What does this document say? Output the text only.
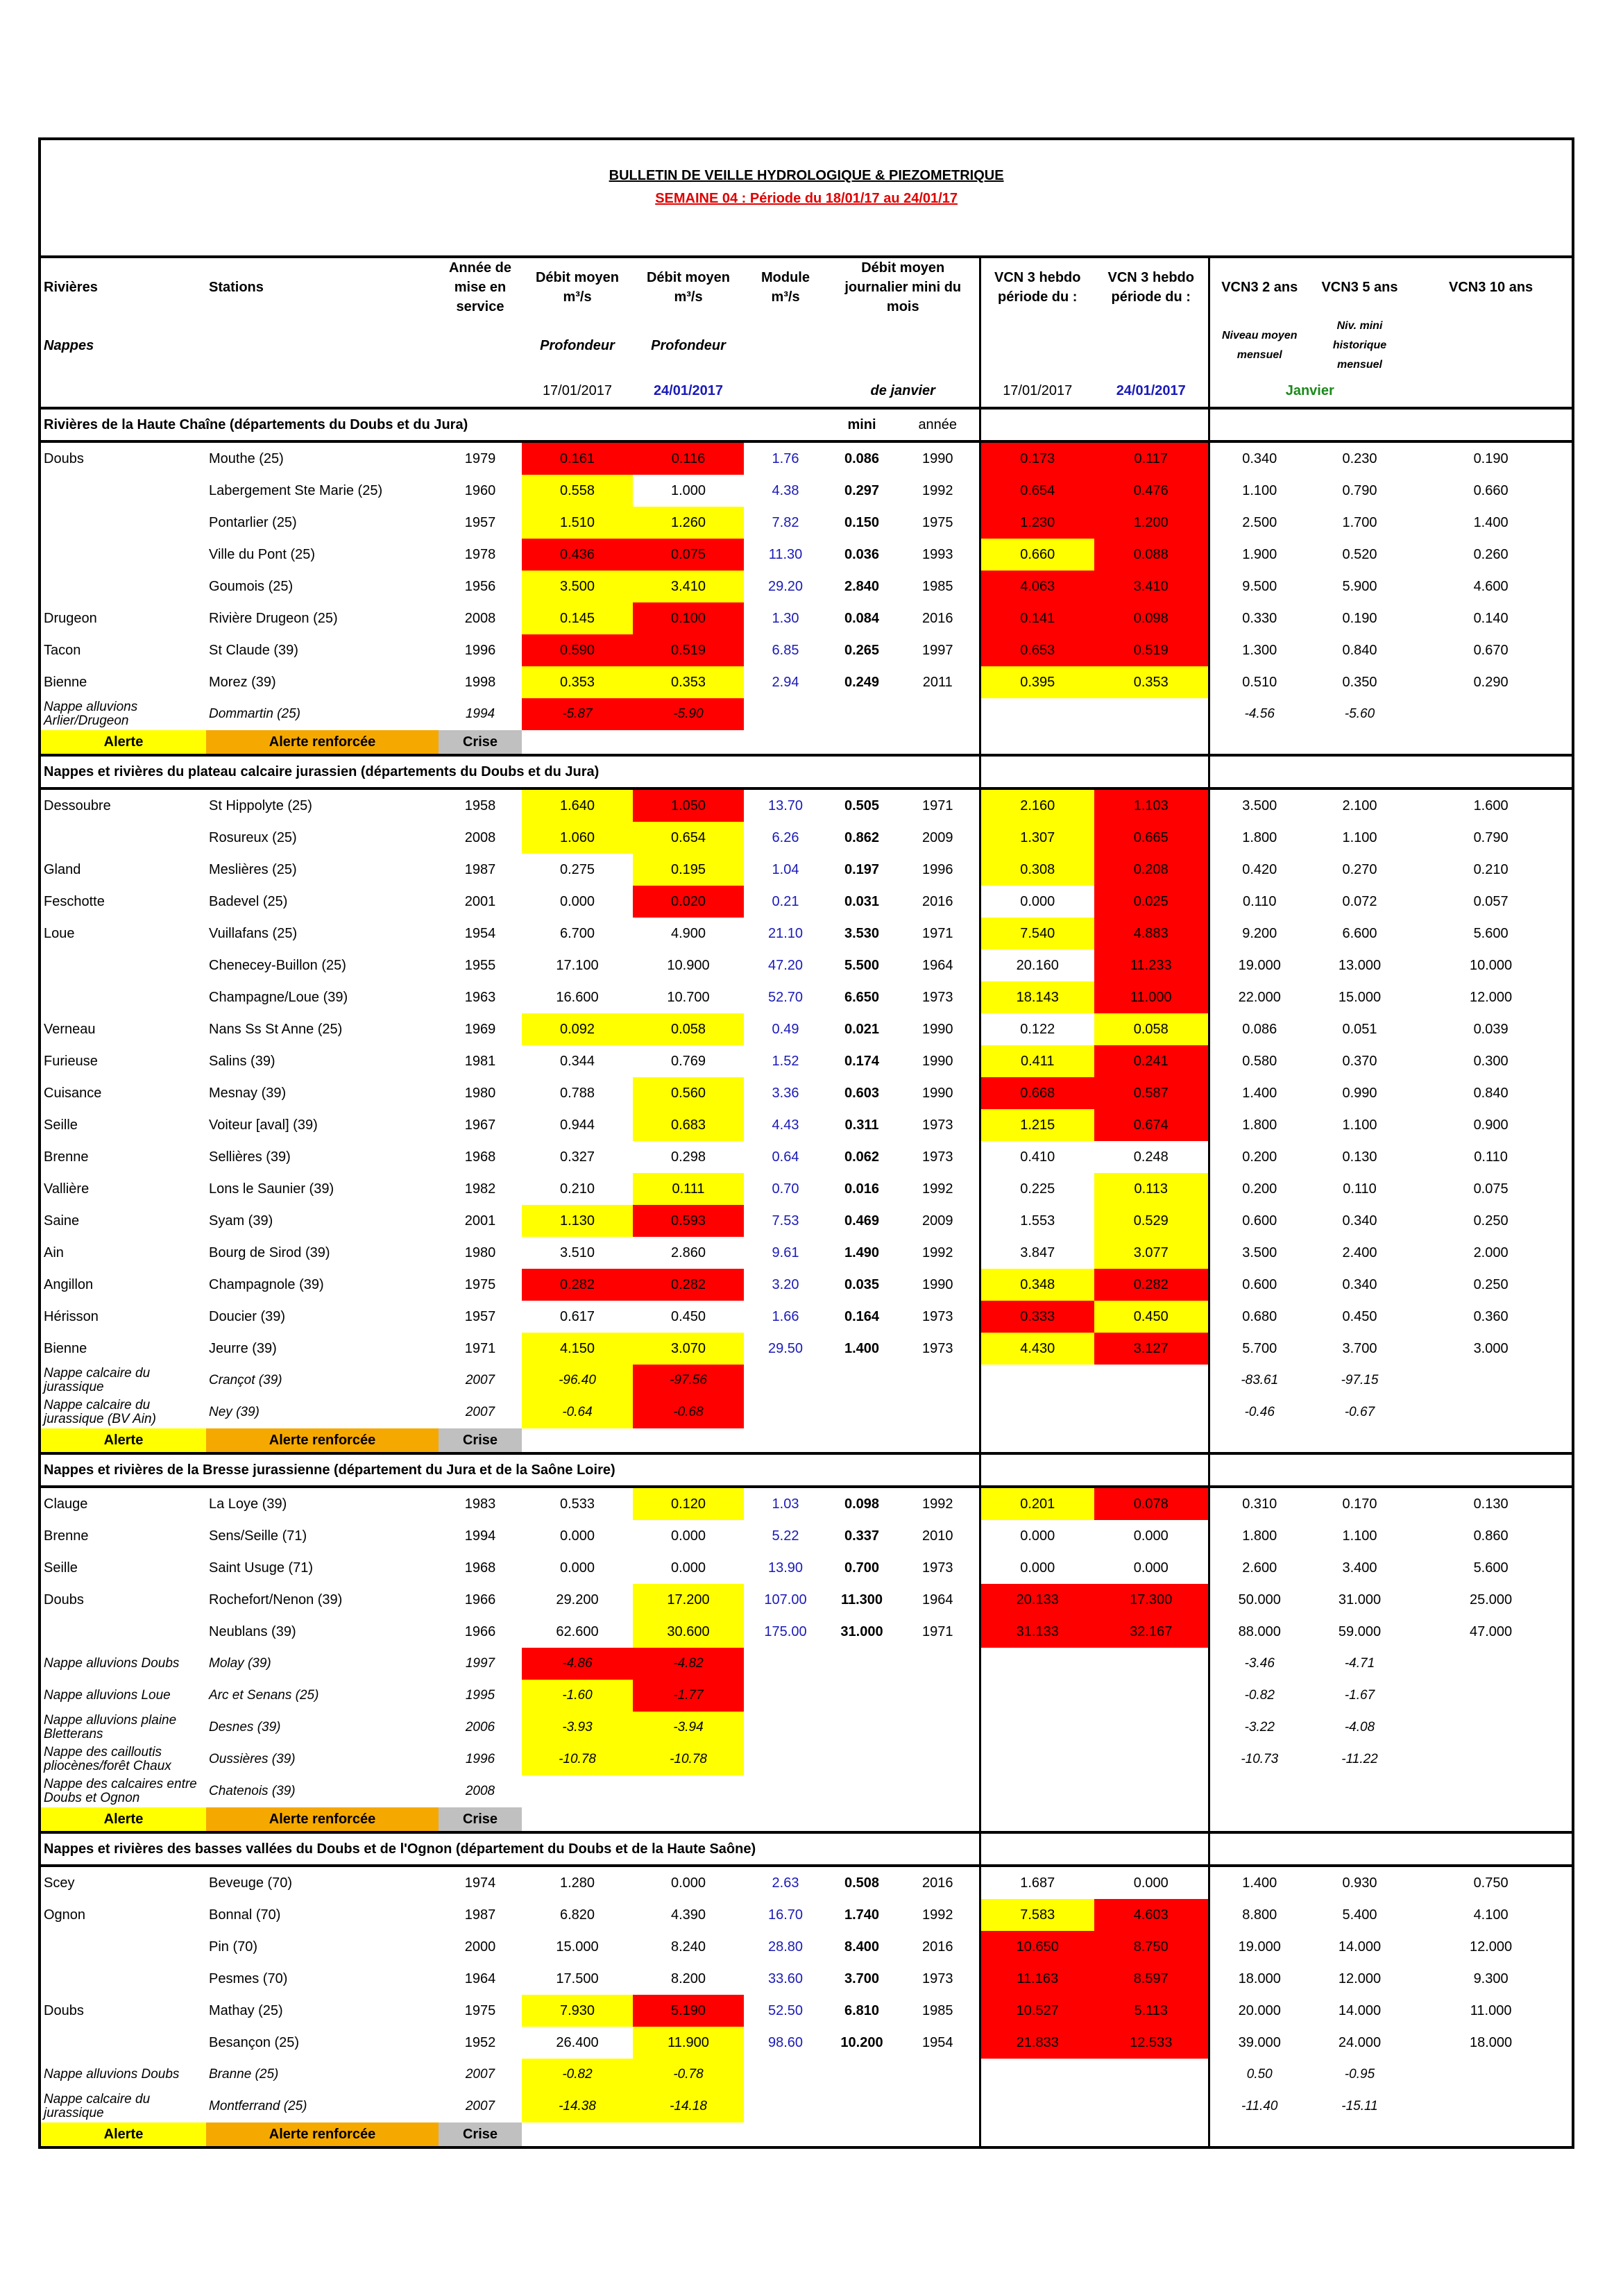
BULLETIN DE VEILLE HYDROLOGIQUE & PIEZOMETRIQUE												
SEMAINE 04 : Période du 18/01/17 au 24/01/17												
Rivières	Stations	Année de mise en service	Débit moyen m³/s	Débit moyen m³/s	Module m³/s	Débit moyen journalier mini du mois		VCN 3 hebdo période du :	VCN 3 hebdo période du :	VCN3 2 ans	VCN3 5 ans	VCN3 10 ans
Nappes			Profondeur	Profondeur						Niveau moyen mensuel	Niv. mini historique mensuel	
			17/01/2017	24/01/2017		de janvier		17/01/2017	24/01/2017	Janvier		
Rivières de la Haute Chaîne (départements du Doubs et du Jura)						mini	année					
Doubs	Mouthe (25)	1979	0.161	0.116	1.76	0.086	1990	0.173	0.117	0.340	0.230	0.190
	Labergement Ste Marie (25)	1960	0.558	1.000	4.38	0.297	1992	0.654	0.476	1.100	0.790	0.660
	Pontarlier (25)	1957	1.510	1.260	7.82	0.150	1975	1.230	1.200	2.500	1.700	1.400
	Ville du Pont (25)	1978	0.436	0.075	11.30	0.036	1993	0.660	0.088	1.900	0.520	0.260
	Goumois (25)	1956	3.500	3.410	29.20	2.840	1985	4.063	3.410	9.500	5.900	4.600
Drugeon	Rivière Drugeon (25)	2008	0.145	0.100	1.30	0.084	2016	0.141	0.098	0.330	0.190	0.140
Tacon	St Claude (39)	1996	0.590	0.519	6.85	0.265	1997	0.653	0.519	1.300	0.840	0.670
Bienne	Morez (39)	1998	0.353	0.353	2.94	0.249	2011	0.395	0.353	0.510	0.350	0.290
Nappe alluvions Arlier/Drugeon	Dommartin (25)	1994	-5.87	-5.90						-4.56	-5.60	
Alerte	Alerte renforcée	Crise										
Nappes et rivières du plateau calcaire jurassien (départements du Doubs et du Jura)												
Dessoubre	St Hippolyte (25)	1958	1.640	1.050	13.70	0.505	1971	2.160	1.103	3.500	2.100	1.600
	Rosureux (25)	2008	1.060	0.654	6.26	0.862	2009	1.307	0.665	1.800	1.100	0.790
Gland	Meslières (25)	1987	0.275	0.195	1.04	0.197	1996	0.308	0.208	0.420	0.270	0.210
Feschotte	Badevel (25)	2001	0.000	0.020	0.21	0.031	2016	0.000	0.025	0.110	0.072	0.057
Loue	Vuillafans (25)	1954	6.700	4.900	21.10	3.530	1971	7.540	4.883	9.200	6.600	5.600
	Chenecey-Buillon (25)	1955	17.100	10.900	47.20	5.500	1964	20.160	11.233	19.000	13.000	10.000
	Champagne/Loue (39)	1963	16.600	10.700	52.70	6.650	1973	18.143	11.000	22.000	15.000	12.000
Verneau	Nans Ss St Anne (25)	1969	0.092	0.058	0.49	0.021	1990	0.122	0.058	0.086	0.051	0.039
Furieuse	Salins (39)	1981	0.344	0.769	1.52	0.174	1990	0.411	0.241	0.580	0.370	0.300
Cuisance	Mesnay (39)	1980	0.788	0.560	3.36	0.603	1990	0.668	0.587	1.400	0.990	0.840
Seille	Voiteur [aval] (39)	1967	0.944	0.683	4.43	0.311	1973	1.215	0.674	1.800	1.100	0.900
Brenne	Sellières (39)	1968	0.327	0.298	0.64	0.062	1973	0.410	0.248	0.200	0.130	0.110
Vallière	Lons le Saunier (39)	1982	0.210	0.111	0.70	0.016	1992	0.225	0.113	0.200	0.110	0.075
Saine	Syam (39)	2001	1.130	0.593	7.53	0.469	2009	1.553	0.529	0.600	0.340	0.250
Ain	Bourg de Sirod (39)	1980	3.510	2.860	9.61	1.490	1992	3.847	3.077	3.500	2.400	2.000
Angillon	Champagnole (39)	1975	0.282	0.282	3.20	0.035	1990	0.348	0.282	0.600	0.340	0.250
Hérisson	Doucier (39)	1957	0.617	0.450	1.66	0.164	1973	0.333	0.450	0.680	0.450	0.360
Bienne	Jeurre (39)	1971	4.150	3.070	29.50	1.400	1973	4.430	3.127	5.700	3.700	3.000
Nappe calcaire du jurassique	Crançot (39)	2007	-96.40	-97.56						-83.61	-97.15	
Nappe calcaire du jurassique (BV Ain)	Ney (39)	2007	-0.64	-0.68						-0.46	-0.67	
Alerte	Alerte renforcée	Crise										
Nappes et rivières de la Bresse jurassienne (département du Jura et de la Saône Loire)												
Clauge	La Loye (39)	1983	0.533	0.120	1.03	0.098	1992	0.201	0.078	0.310	0.170	0.130
Brenne	Sens/Seille (71)	1994	0.000	0.000	5.22	0.337	2010	0.000	0.000	1.800	1.100	0.860
Seille	Saint Usuge (71)	1968	0.000	0.000	13.90	0.700	1973	0.000	0.000	2.600	3.400	5.600
Doubs	Rochefort/Nenon (39)	1966	29.200	17.200	107.00	11.300	1964	20.133	17.300	50.000	31.000	25.000
	Neublans (39)	1966	62.600	30.600	175.00	31.000	1971	31.133	32.167	88.000	59.000	47.000
Nappe alluvions Doubs	Molay (39)	1997	-4.86	-4.82						-3.46	-4.71	
Nappe alluvions Loue	Arc et Senans (25)	1995	-1.60	-1.77						-0.82	-1.67	
Nappe alluvions plaine Bletterans	Desnes (39)	2006	-3.93	-3.94						-3.22	-4.08	
Nappe des cailloutis pliocènes/forêt Chaux	Oussières (39)	1996	-10.78	-10.78						-10.73	-11.22	
Nappe des calcaires entre Doubs et Ognon	Chatenois (39)	2008										
Alerte	Alerte renforcée	Crise										
Nappes et rivières des basses vallées du Doubs et de l'Ognon (département du Doubs et de la Haute Saône)												
Scey	Beveuge (70)	1974	1.280	0.000	2.63	0.508	2016	1.687	0.000	1.400	0.930	0.750
Ognon	Bonnal (70)	1987	6.820	4.390	16.70	1.740	1992	7.583	4.603	8.800	5.400	4.100
	Pin (70)	2000	15.000	8.240	28.80	8.400	2016	10.650	8.750	19.000	14.000	12.000
	Pesmes (70)	1964	17.500	8.200	33.60	3.700	1973	11.163	8.597	18.000	12.000	9.300
Doubs	Mathay (25)	1975	7.930	5.190	52.50	6.810	1985	10.527	5.113	20.000	14.000	11.000
	Besançon (25)	1952	26.400	11.900	98.60	10.200	1954	21.833	12.533	39.000	24.000	18.000
Nappe alluvions Doubs	Branne (25)	2007	-0.82	-0.78						0.50	-0.95	
Nappe calcaire du jurassique	Montferrand (25)	2007	-14.38	-14.18						-11.40	-15.11	
Alerte	Alerte renforcée	Crise										
